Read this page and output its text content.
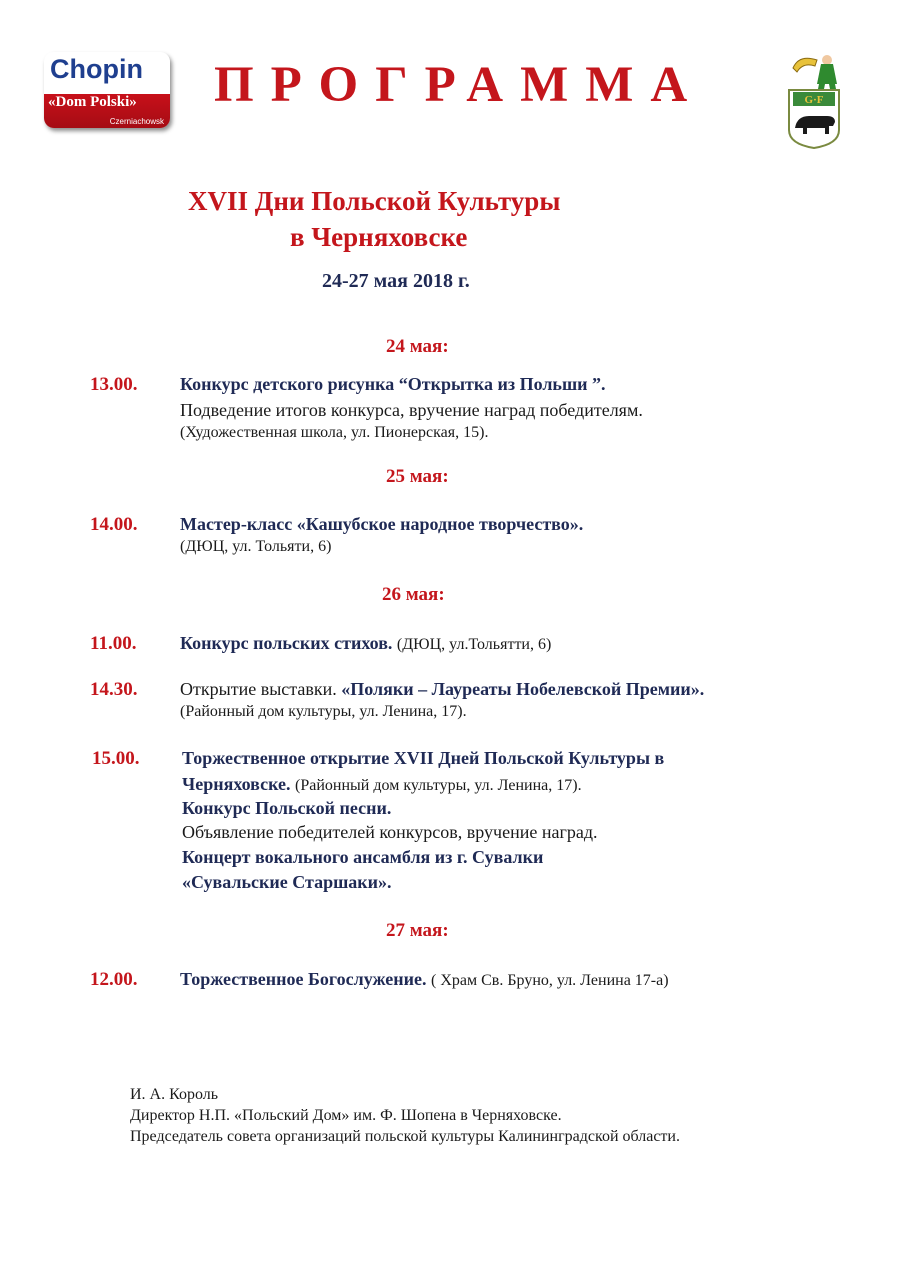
Chopin
«Dom Polski»
Czerniachowsk
ПРОГРАММА	G·F
XVII Дни Польской Культуры
в Черняховске
24-27 мая 2018 г.
24 мая:
13.00. Конкурс детского рисунка “Открытка из Польши ”.
Подведение итогов конкурса, вручение наград победителям.
(Художественная школа, ул. Пионерская, 15).
25 мая:
14.00. Мастер-класс «Кашубское народное творчество».
(ДЮЦ, ул. Тольяти, 6)
26 мая:
11.00. Конкурс польских стихов. (ДЮЦ, ул.Тольятти, 6)
14.30. Открытие выставки. «Поляки – Лауреаты Нобелевской Премии».
(Районный дом культуры, ул. Ленина, 17).
15.00. Торжественное открытие XVII Дней Польской Культуры в
Черняховске. (Районный дом культуры, ул. Ленина, 17).
Конкурс Польской песни.
Объявление победителей конкурсов, вручение наград.
Концерт вокального ансамбля из г. Сувалки
«Сувальские Старшаки».
27 мая:
12.00. Торжественное Богослужение. ( Храм Св. Бруно, ул. Ленина 17-а)
И. А. Король
Директор Н.П. «Польский Дом» им. Ф. Шопена в Черняховске.
Председатель совета организаций польской культуры Калининградской области.
